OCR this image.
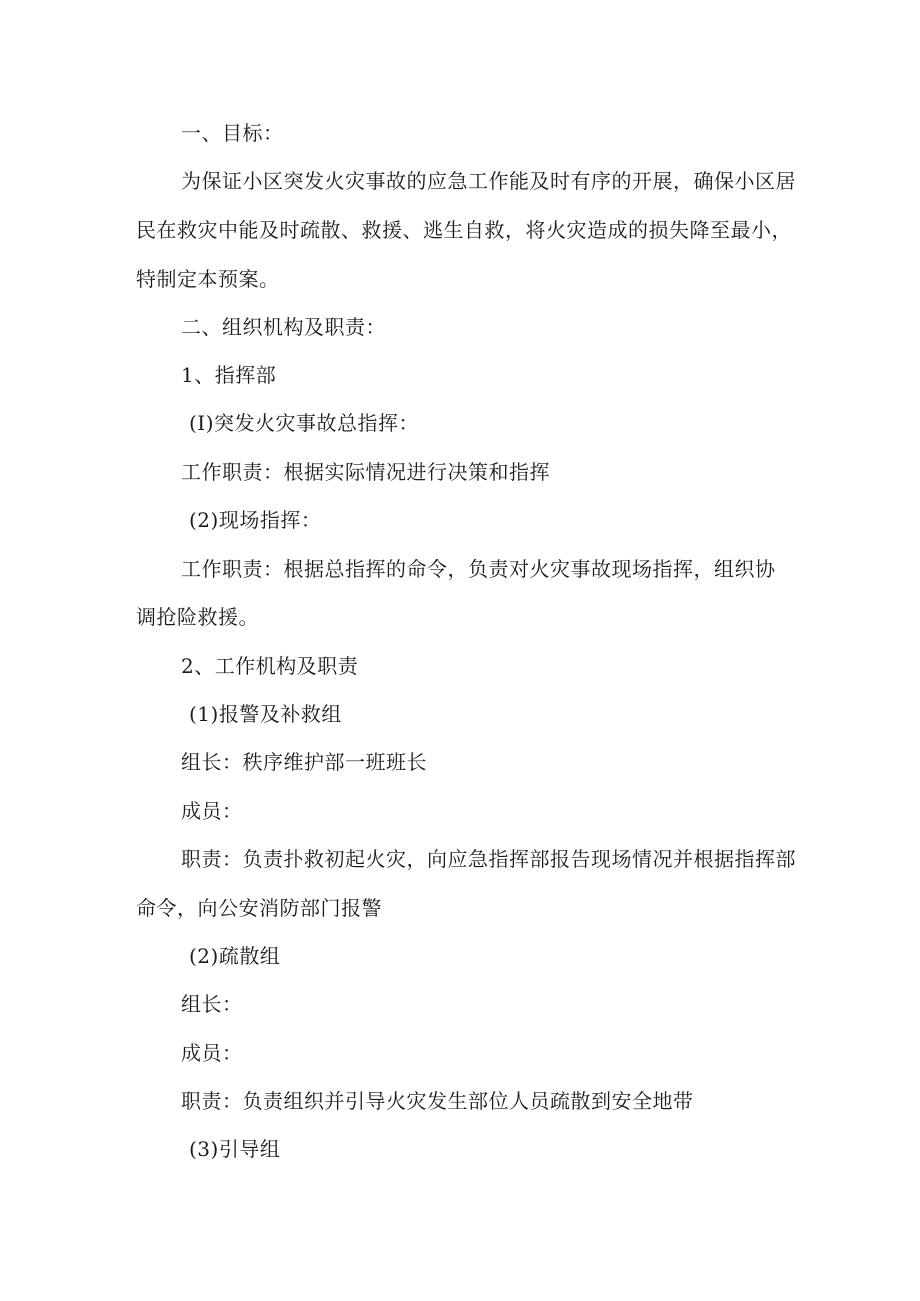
一、目标：
为保证小区突发火灾事故的应急工作能及时有序的开展，确保小区居
民在救灾中能及时疏散、救援、逃生自救，将火灾造成的损失降至最小，
特制定本预案。
二、组织机构及职责：
1、指挥部
(I)突发火灾事故总指挥：
工作职责：根据实际情况进行决策和指挥
(2)现场指挥：
工作职责：根据总指挥的命令，负责对火灾事故现场指挥，组织协
调抢险救援。
2、工作机构及职责
(1)报警及补救组
组长：秩序维护部一班班长
成员：
职责：负责扑救初起火灾，向应急指挥部报告现场情况并根据指挥部
命令，向公安消防部门报警
(2)疏散组
组长：
成员：
职责：负责组织并引导火灾发生部位人员疏散到安全地带
(3)引导组
